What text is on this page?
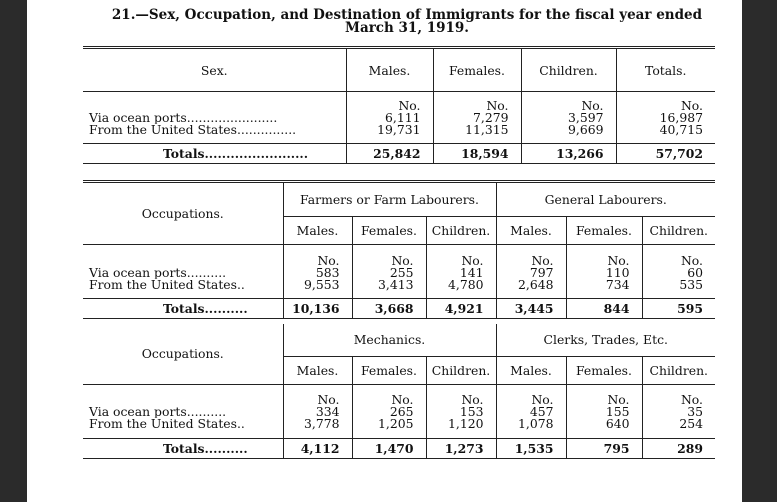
21.—Sex, Occupation, and Destination of Immigrants for the fiscal year ended
March 31, 1919.
Sex.	Males.	Females.	Children.	Totals.
	No.	No.	No.	No.
Via ocean ports.......................	6,111	7,279	3,597	16,987
From the United States...............	19,731	11,315	9,669	40,715
Totals........................	25,842	18,594	13,266	57,702
Occupations.	Farmers or Farm Labourers.			General Labourers.		
	Males.	Females.	Children.	Males.	Females.	Children.
	No.	No.	No.	No.	No.	No.
Via ocean ports..........	583	255	141	797	110	60
From the United States..	9,553	3,413	4,780	2,648	734	535
Totals..........	10,136	3,668	4,921	3,445	844	595
Occupations.	Mechanics.			Clerks, Trades, Etc.		
	Males.	Females.	Children.	Males.	Females.	Children.
	No.	No.	No.	No.	No.	No.
Via ocean ports..........	334	265	153	457	155	35
From the United States..	3,778	1,205	1,120	1,078	640	254
Totals..........	4,112	1,470	1,273	1,535	795	289
